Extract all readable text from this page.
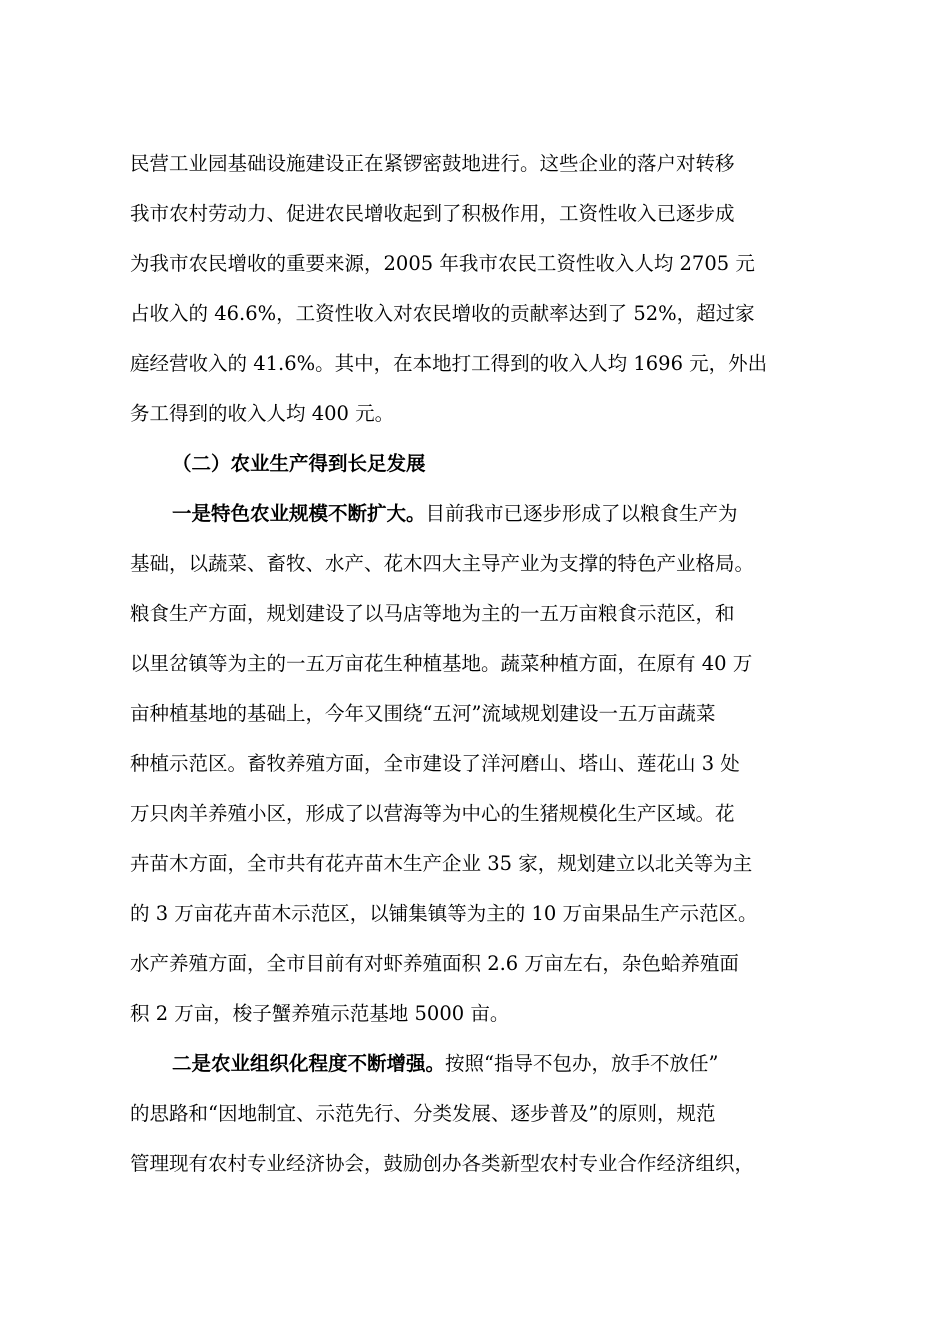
民营工业园基础设施建设正在紧锣密鼓地进行。这些企业的落户对转移
我市农村劳动力、促进农民增收起到了积极作用，工资性收入已逐步成
为我市农民增收的重要来源，2005 年我市农民工资性收入人均 2705 元
占收入的 46.6%，工资性收入对农民增收的贡献率达到了 52%，超过家
庭经营收入的 41.6%。其中，在本地打工得到的收入人均 1696 元，外出
务工得到的收入人均 400 元。
（二）农业生产得到长足发展
一是特色农业规模不断扩大。目前我市已逐步形成了以粮食生产为
基础，以蔬菜、畜牧、水产、花木四大主导产业为支撑的特色产业格局。
粮食生产方面，规划建设了以马店等地为主的一五万亩粮食示范区，和
以里岔镇等为主的一五万亩花生种植基地。蔬菜种植方面，在原有 40 万
亩种植基地的基础上，今年又围绕“五河”流域规划建设一五万亩蔬菜
种植示范区。畜牧养殖方面，全市建设了洋河磨山、塔山、莲花山 3 处
万只肉羊养殖小区，形成了以营海等为中心的生猪规模化生产区域。花
卉苗木方面，全市共有花卉苗木生产企业 35 家，规划建立以北关等为主
的 3 万亩花卉苗木示范区，以铺集镇等为主的 10 万亩果品生产示范区。
水产养殖方面，全市目前有对虾养殖面积 2.6 万亩左右，杂色蛤养殖面
积 2 万亩，梭子蟹养殖示范基地 5000 亩。
二是农业组织化程度不断增强。按照“指导不包办，放手不放任”
的思路和“因地制宜、示范先行、分类发展、逐步普及”的原则，规范
管理现有农村专业经济协会，鼓励创办各类新型农村专业合作经济组织，
